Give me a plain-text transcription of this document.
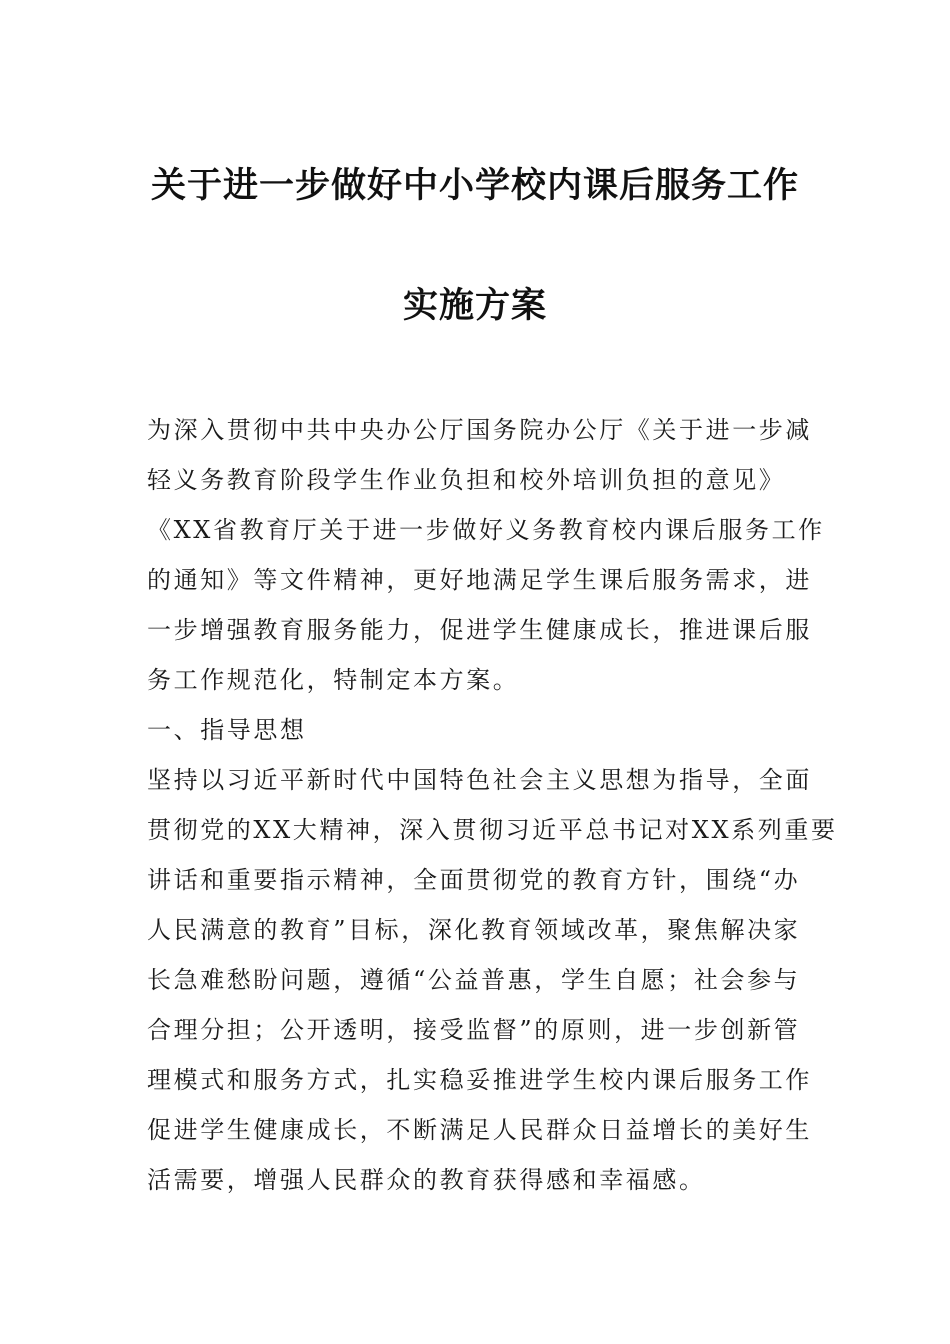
关于进一步做好中小学校内课后服务工作
实施方案
为深入贯彻中共中央办公厅国务院办公厅《关于进一步减
轻义务教育阶段学生作业负担和校外培训负担的意见》
《XX省教育厅关于进一步做好义务教育校内课后服务工作
的通知》等文件精神，更好地满足学生课后服务需求，进
一步增强教育服务能力，促进学生健康成长，推进课后服
务工作规范化，特制定本方案。
一、指导思想
坚持以习近平新时代中国特色社会主义思想为指导，全面
贯彻党的XX大精神，深入贯彻习近平总书记对XX系列重要
讲话和重要指示精神，全面贯彻党的教育方针，围绕“办
人民满意的教育”目标，深化教育领域改革，聚焦解决家
长急难愁盼问题，遵循“公益普惠，学生自愿；社会参与
合理分担；公开透明，接受监督”的原则，进一步创新管
理模式和服务方式，扎实稳妥推进学生校内课后服务工作
促进学生健康成长，不断满足人民群众日益增长的美好生
活需要，增强人民群众的教育获得感和幸福感。
